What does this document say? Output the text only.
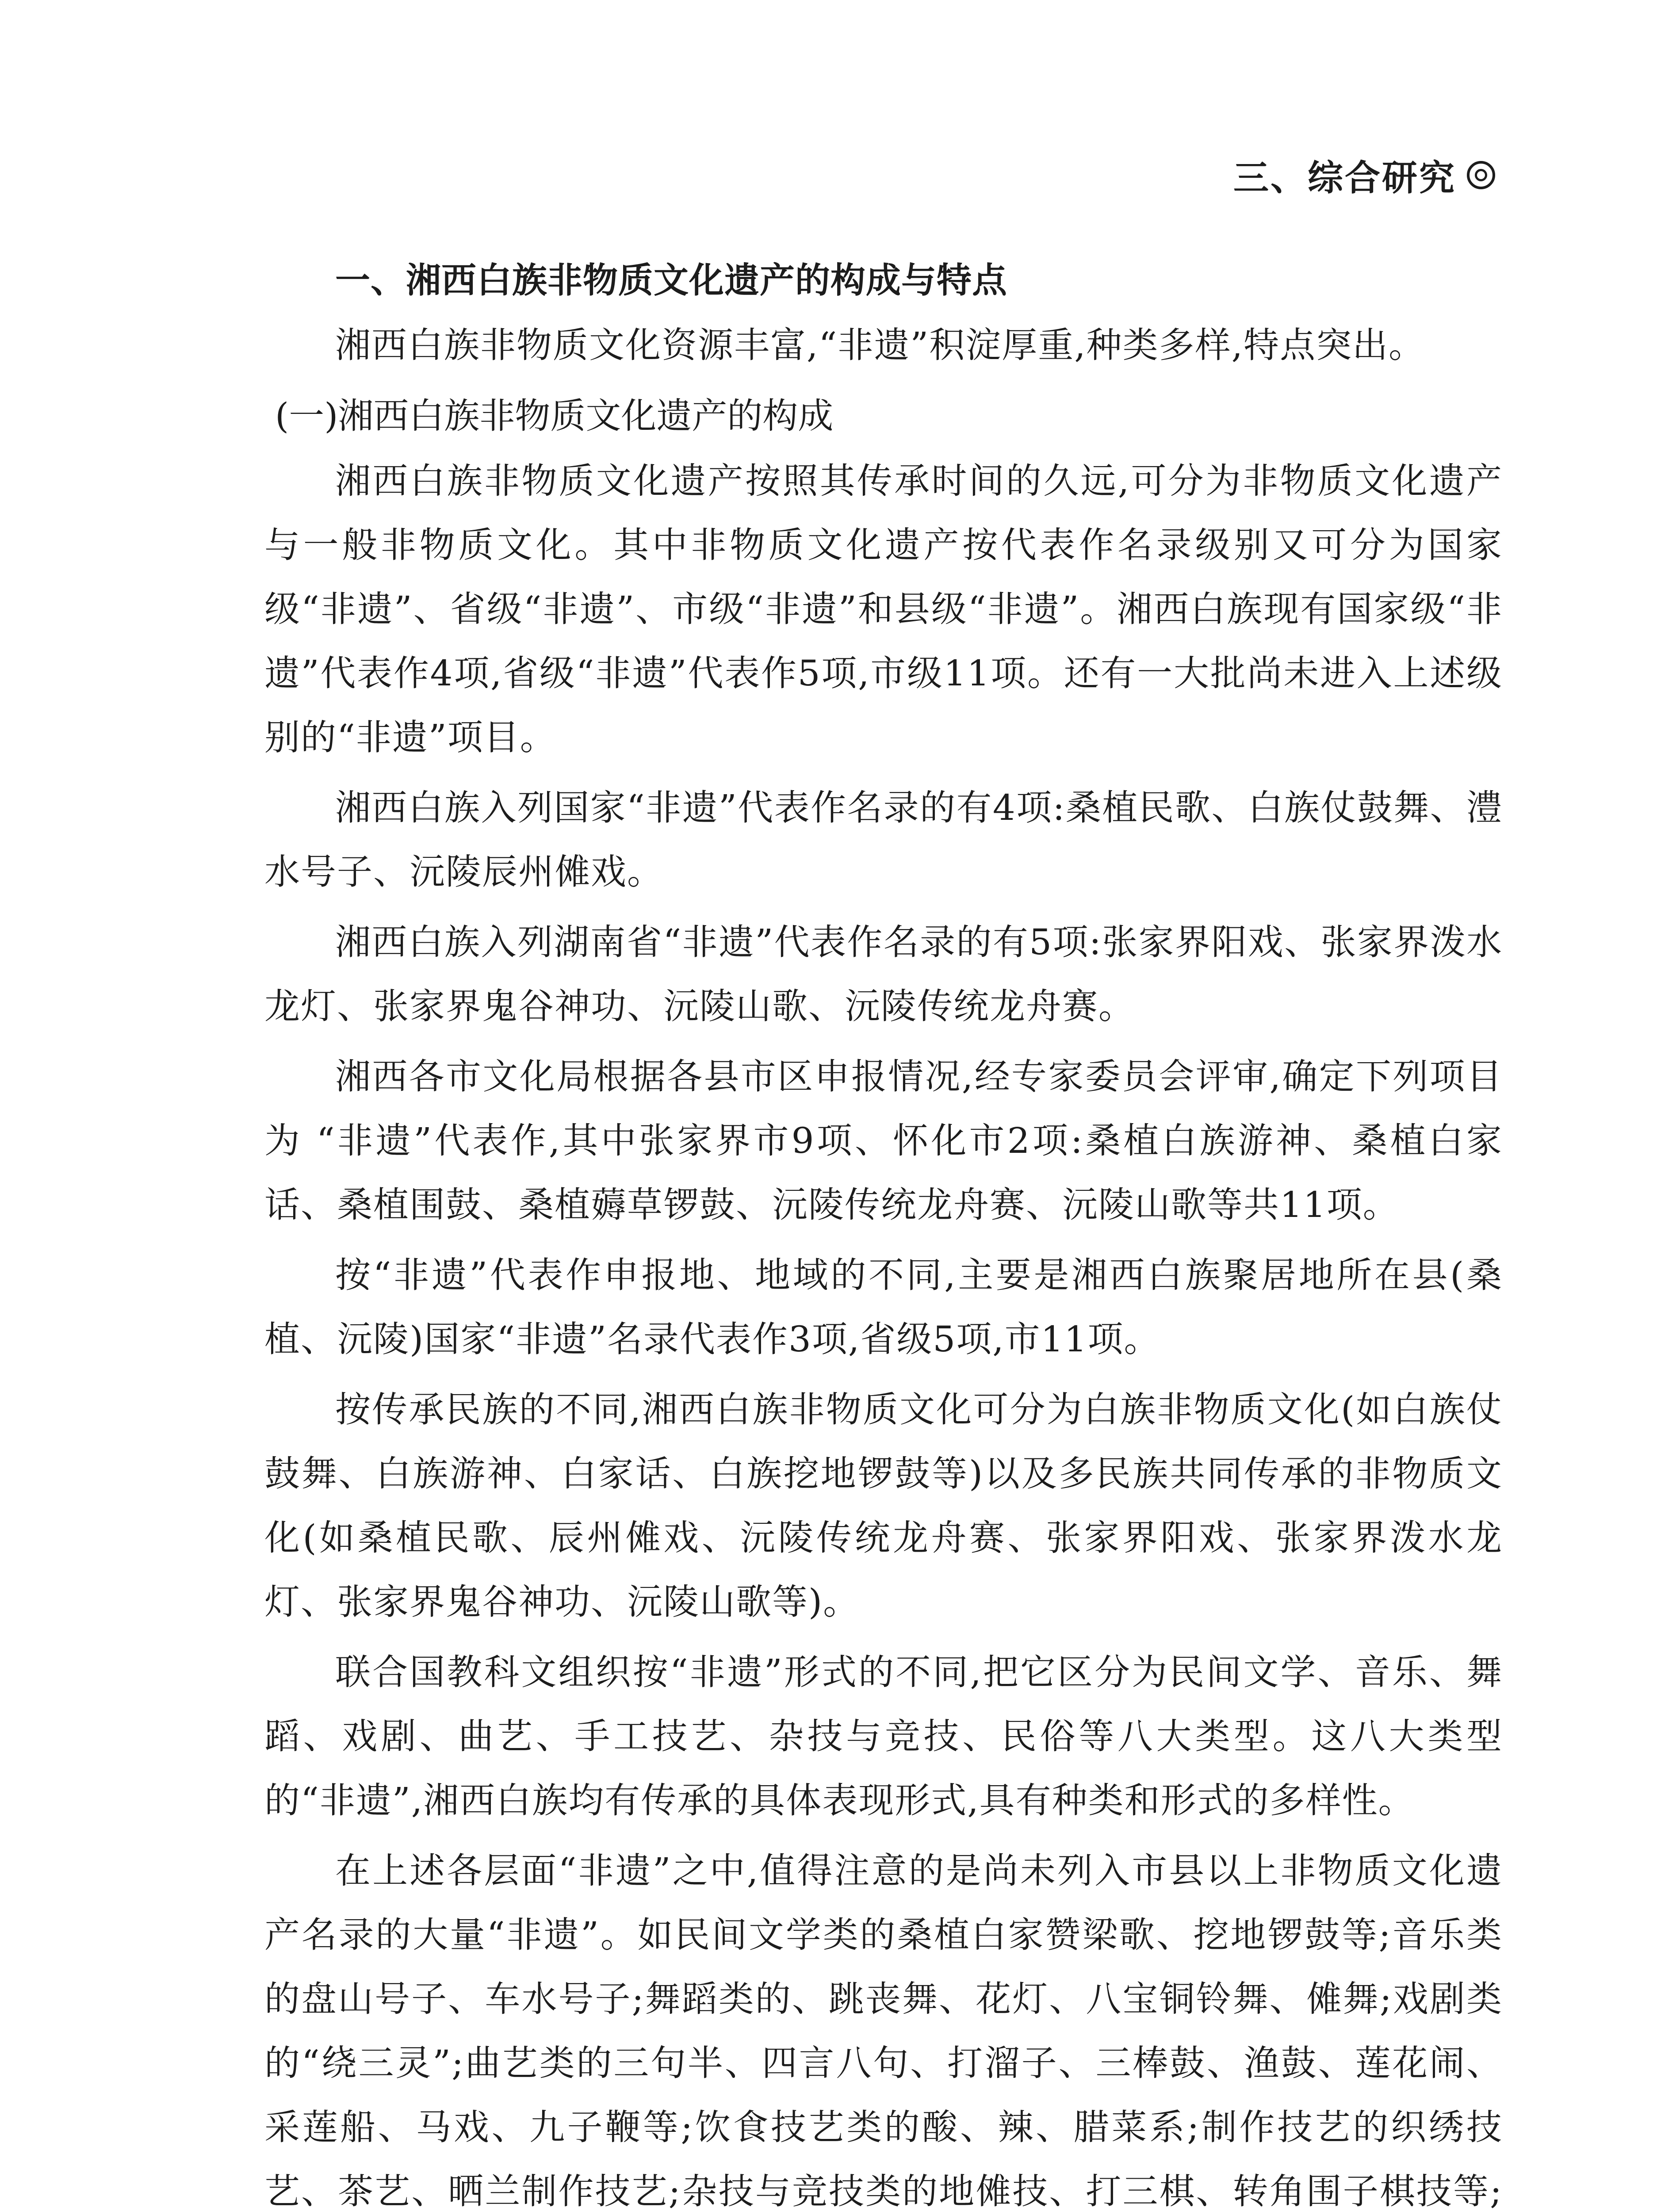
三、综合研究

一、湘西白族非物质文化遗产的构成与特点

湘西白族非物质文化资源丰富,“非遗”积淀厚重,种类多样,特点突出。

(一)湘西白族非物质文化遗产的构成

湘西白族非物质文化遗产按照其传承时间的久远,可分为非物质文化遗产与一般非物质文化。其中非物质文化遗产按代表作名录级别又可分为国家级“非遗”、省级“非遗”、市级“非遗”和县级“非遗”。湘西白族现有国家级“非遗”代表作4项,省级“非遗”代表作5项,市级11项。还有一大批尚未进入上述级别的“非遗”项目。

湘西白族入列国家“非遗”代表作名录的有4项:桑植民歌、白族仗鼓舞、澧水号子、沅陵辰州傩戏。

湘西白族入列湖南省“非遗”代表作名录的有5项:张家界阳戏、张家界泼水龙灯、张家界鬼谷神功、沅陵山歌、沅陵传统龙舟赛。

湘西各市文化局根据各县市区申报情况,经专家委员会评审,确定下列项目为 “非遗”代表作,其中张家界市9项、怀化市2项:桑植白族游神、桑植白家话、桑植围鼓、桑植薅草锣鼓、沅陵传统龙舟赛、沅陵山歌等共11项。

按“非遗”代表作申报地、地域的不同,主要是湘西白族聚居地所在县(桑植、沅陵)国家“非遗”名录代表作3项,省级5项,市11项。

按传承民族的不同,湘西白族非物质文化可分为白族非物质文化(如白族仗鼓舞、白族游神、白家话、白族挖地锣鼓等)以及多民族共同传承的非物质文化(如桑植民歌、辰州傩戏、沅陵传统龙舟赛、张家界阳戏、张家界泼水龙灯、张家界鬼谷神功、沅陵山歌等)。

联合国教科文组织按“非遗”形式的不同,把它区分为民间文学、音乐、舞蹈、戏剧、曲艺、手工技艺、杂技与竞技、民俗等八大类型。这八大类型的“非遗”,湘西白族均有传承的具体表现形式,具有种类和形式的多样性。

在上述各层面“非遗”之中,值得注意的是尚未列入市县以上非物质文化遗产名录的大量“非遗”。如民间文学类的桑植白家赞梁歌、挖地锣鼓等;音乐类的盘山号子、车水号子;舞蹈类的、跳丧舞、花灯、八宝铜铃舞、傩舞;戏剧类的“绕三灵”;曲艺类的三句半、四言八句、打溜子、三棒鼓、渔鼓、莲花闹、采莲船、马戏、九子鞭等;饮食技艺类的酸、辣、腊菜系;制作技艺的织绣技艺、茶艺、晒兰制作技艺;杂技与竞技类的地傩技、打三棋、转角围子棋技等;
